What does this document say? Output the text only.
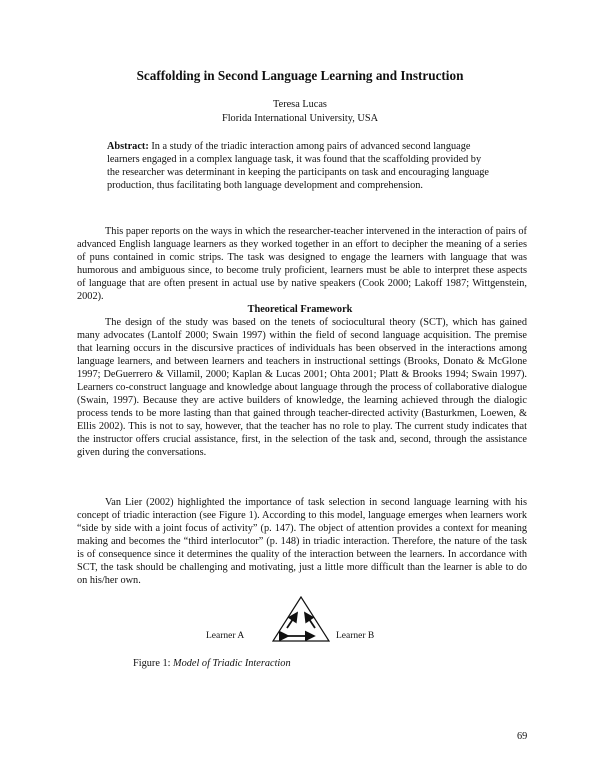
Scaffolding in Second Language Learning and Instruction
Teresa Lucas
Florida International University, USA

Abstract: In a study of the triadic interaction among pairs of advanced second language learners engaged in a complex language task, it was found that the scaffolding provided by the researcher was determinant in keeping the participants on task and encouraging language production, thus facilitating both language development and comprehension.

This paper reports on the ways in which the researcher-teacher intervened in the interaction of pairs of advanced English language learners as they worked together in an effort to decipher the meaning of a series of puns contained in comic strips. The task was designed to engage the learners with language that was humorous and ambiguous since, to become truly proficient, learners must be able to interpret these aspects of language that are often present in actual use by native speakers (Cook 2000; Lakoff 1987; Wittgenstein, 2002).

Theoretical Framework

The design of the study was based on the tenets of sociocultural theory (SCT), which has gained many advocates (Lantolf 2000; Swain 1997) within the field of second language acquisition. The premise that learning occurs in the discursive practices of individuals has been observed in the interactions among language learners, and between learners and teachers in instructional settings (Brooks, Donato & McGlone 1997; DeGuerrero & Villamil, 2000; Kaplan & Lucas 2001; Ohta 2001; Platt & Brooks 1994; Swain 1997). Learners co-construct language and knowledge about language through the process of collaborative dialogue (Swain, 1997). Because they are active builders of knowledge, the learning achieved through the dialogic process tends to be more lasting than that gained through teacher-directed activity (Basturkmen, Loewen, & Ellis 2002). This is not to say, however, that the teacher has no role to play. The current study indicates that the instructor offers crucial assistance, first, in the selection of the task and, second, through the assistance given during the conversations.

Van Lier (2002) highlighted the importance of task selection in second language learning with his concept of triadic interaction (see Figure 1). According to this model, language emerges when learners work “side by side with a joint focus of activity” (p. 147). The object of attention provides a context for meaning making and becomes the “third interlocutor” (p. 148) in triadic interaction. Therefore, the nature of the task is of consequence since it determines the quality of the interaction between the learners. In accordance with SCT, the task should be challenging and motivating, just a little more difficult than the learner is able to do on his/her own.

Learner A	Learner B
Figure 1: Model of Triadic Interaction
69
